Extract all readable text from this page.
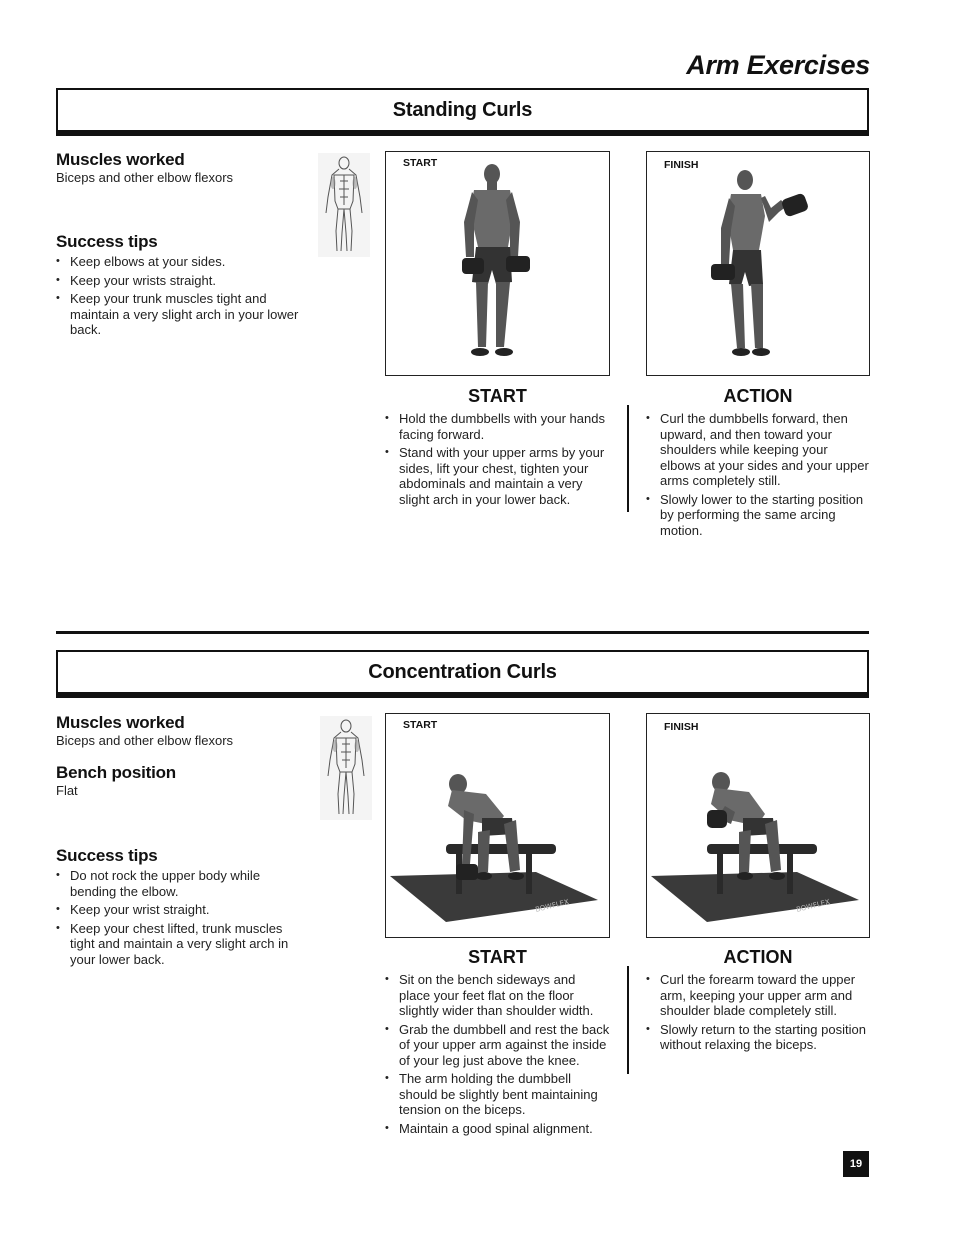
Arm Exercises
Standing Curls
Muscles worked

Biceps and other elbow flexors

Success tips
• Keep elbows at your sides.
• Keep your wrists straight.
• Keep your trunk muscles tight and maintain a very slight arch in your lower back.
START	FINISH
START
• Hold the dumbbells with your hands facing forward.
• Stand with your upper arms by your sides, lift your chest, tighten your abdominals and maintain a very slight arch in your lower back.
ACTION
• Curl the dumbbells forward, then upward, and then toward your shoulders while keeping your elbows at your sides and your upper arms completely still.
• Slowly lower to the starting position by performing the same arcing motion.
Concentration Curls
Muscles worked

Biceps and other elbow flexors

Bench position

Flat

Success tips
• Do not rock the upper body while bending the elbow.
• Keep your wrist straight.
• Keep your chest lifted, trunk muscles tight and maintain a very slight arch in your lower back.
START
BOWFLEX
FINISH
BOWFLEX
START
• Sit on the bench sideways and place your feet flat on the floor slightly wider than shoulder width.
• Grab the dumbbell and rest the back of your upper arm against the inside of your leg just above the knee.
• The arm holding the dumbbell should be slightly bent maintaining tension on the biceps.
• Maintain a good spinal alignment.
ACTION
• Curl the forearm toward the upper arm, keeping your upper arm and shoulder blade completely still.
• Slowly return to the starting position without relaxing the biceps.
19
